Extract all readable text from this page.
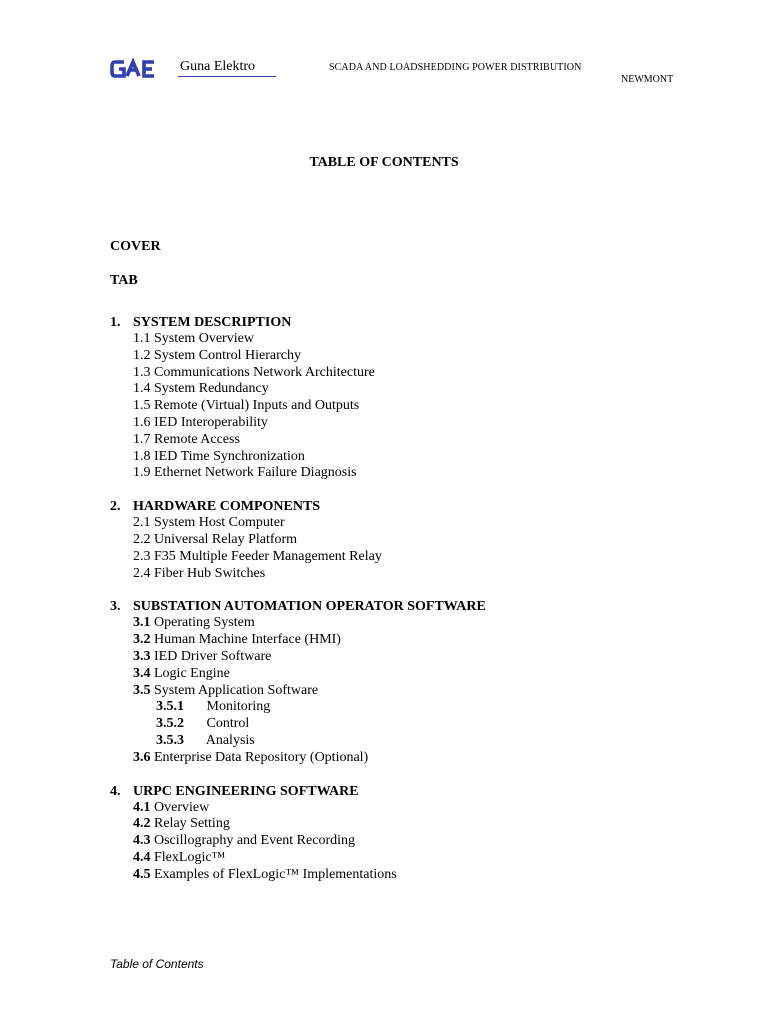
Guna Elektro	SCADA AND LOADSHEDDING POWER DISTRIBUTION
NEWMONT
TABLE OF CONTENTS
COVER
TAB
1. SYSTEM DESCRIPTION
1.1 System Overview
1.2 System Control Hierarchy
1.3 Communications Network Architecture
1.4 System Redundancy
1.5 Remote (Virtual) Inputs and Outputs
1.6 IED Interoperability
1.7 Remote Access
1.8 IED Time Synchronization
1.9 Ethernet Network Failure Diagnosis
2. HARDWARE COMPONENTS
2.1 System Host Computer
2.2 Universal Relay Platform
2.3 F35 Multiple Feeder Management Relay
2.4 Fiber Hub Switches
3. SUBSTATION AUTOMATION OPERATOR SOFTWARE
3.1 Operating System
3.2 Human Machine Interface (HMI)
3.3 IED Driver Software
3.4 Logic Engine
3.5 System Application Software
3.5.1 Monitoring
3.5.2 Control
3.5.3 Analysis
3.6 Enterprise Data Repository (Optional)
4. URPC ENGINEERING SOFTWARE
4.1 Overview
4.2 Relay Setting
4.3 Oscillography and Event Recording
4.4 FlexLogic™
4.5 Examples of FlexLogic™ Implementations
Table of Contents
